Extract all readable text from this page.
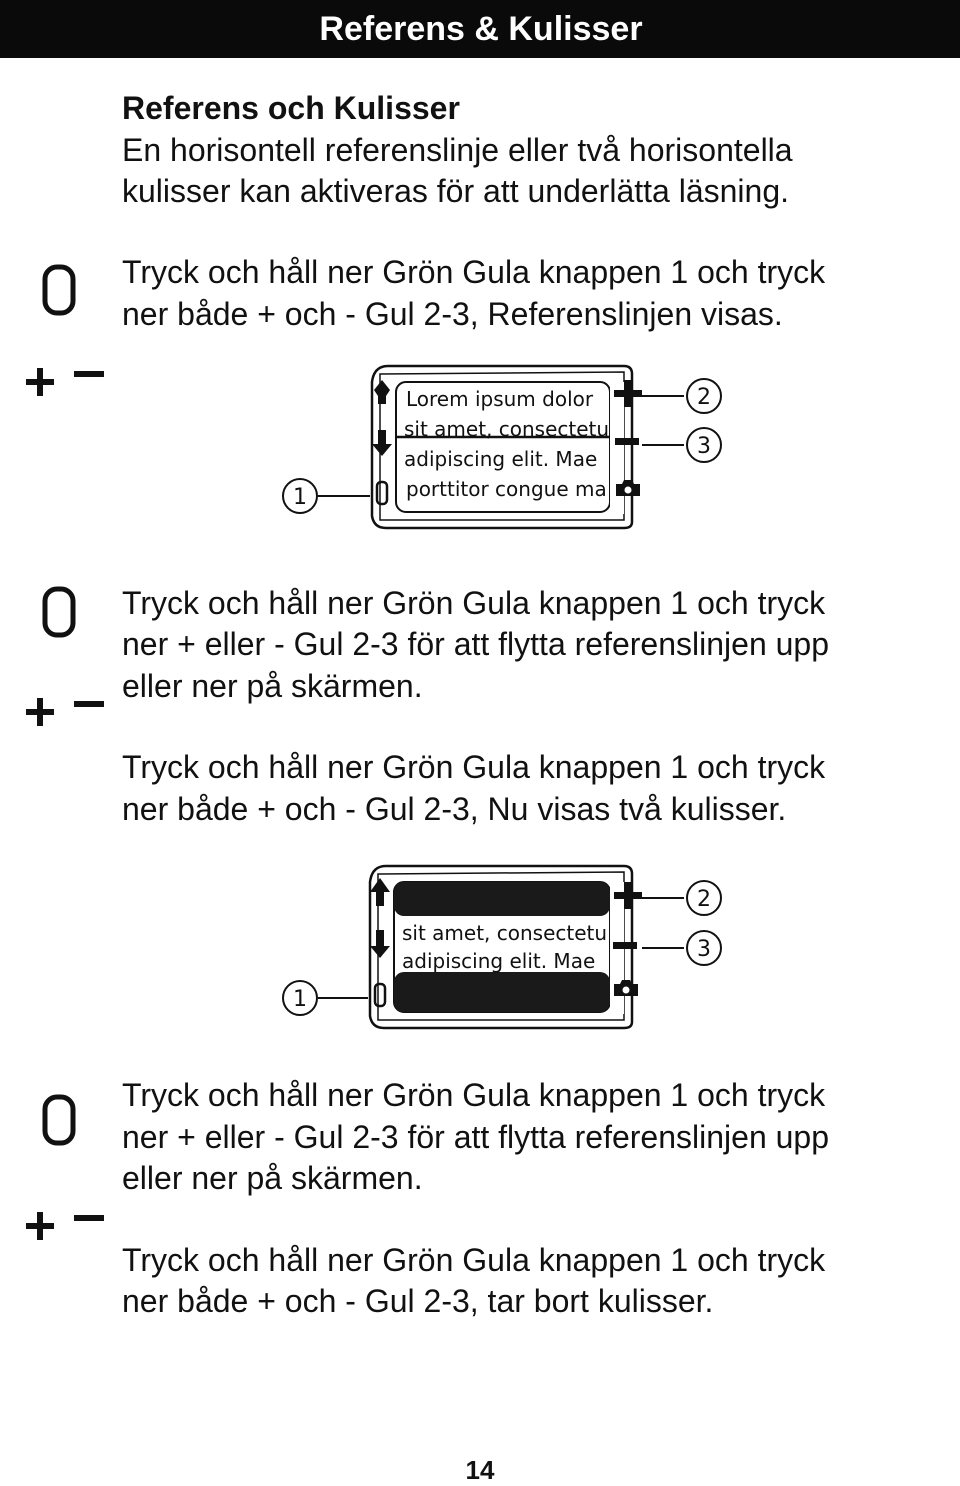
Referens & Kulisser

Referens och Kulisser

En horisontell referenslinje eller två horisontella

kulisser kan aktiveras för att underlätta läsning.

Tryck och håll ner Grön Gula knappen 1 och tryck

ner både + och - Gul 2-3, Referenslinjen visas.

Lorem ipsum dolor
sit amet, consectetu
adipiscing elit. Mae
porttitor congue ma
2
3
1

Tryck och håll ner Grön Gula knappen 1 och tryck

ner + eller - Gul 2-3 för att flytta referenslinjen upp

eller ner på skärmen.

Tryck och håll ner Grön Gula knappen 1 och tryck

ner både + och - Gul 2-3, Nu visas två kulisser.

sit amet, consectetu
adipiscing elit. Mae
2
3
1

Tryck och håll ner Grön Gula knappen 1 och tryck

ner + eller - Gul 2-3 för att flytta referenslinjen upp

eller ner på skärmen.

Tryck och håll ner Grön Gula knappen 1 och tryck

ner både + och - Gul 2-3, tar bort kulisser.

14
